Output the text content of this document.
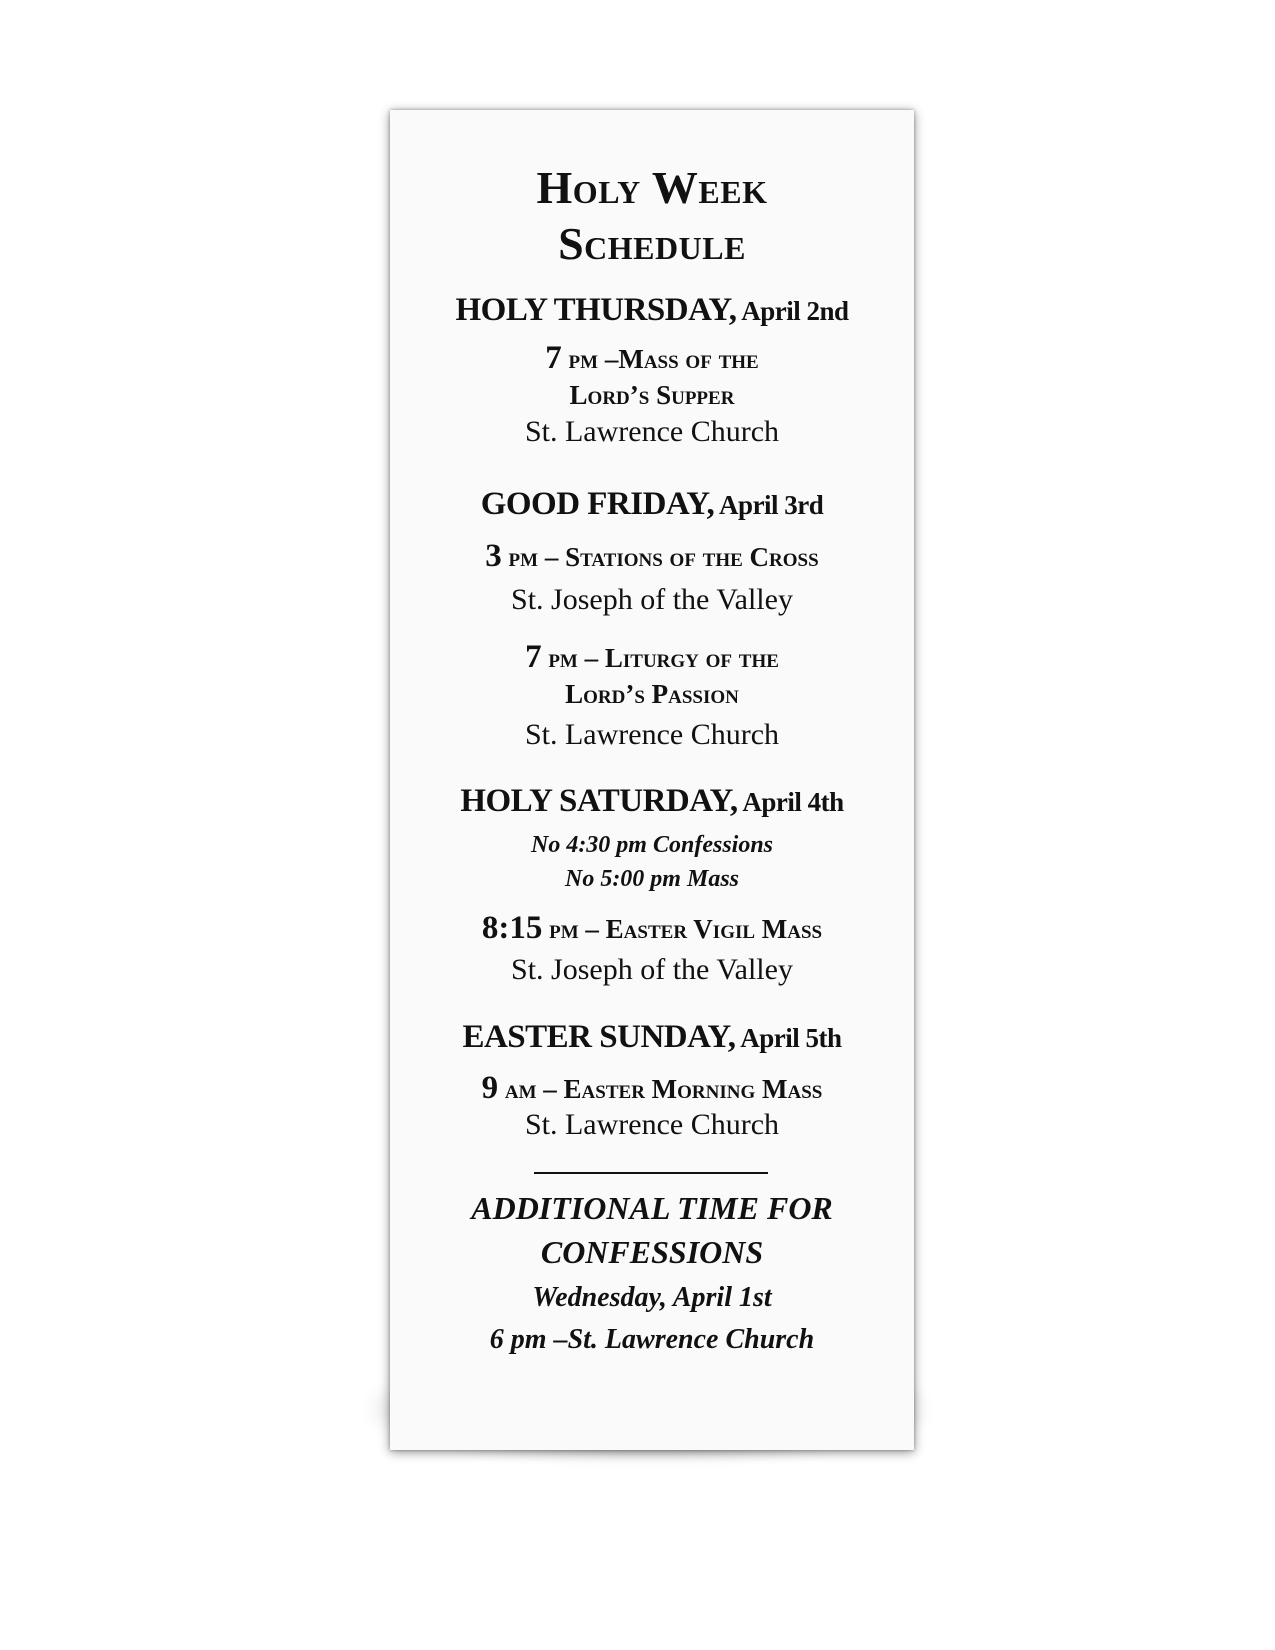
Holy Week
Schedule
HOLY THURSDAY, April 2nd
7 pm –Mass of the
Lord’s Supper
St. Lawrence Church
GOOD FRIDAY, April 3rd
3 pm – Stations of the Cross
St. Joseph of the Valley
7 pm – Liturgy of the
Lord’s Passion
St. Lawrence Church
HOLY SATURDAY, April 4th
No 4:30 pm Confessions
No 5:00 pm Mass
8:15 pm – Easter Vigil Mass
St. Joseph of the Valley
EASTER SUNDAY, April 5th
9 am – Easter Morning Mass
St. Lawrence Church
ADDITIONAL TIME FOR
CONFESSIONS
Wednesday, April 1st
6 pm –St. Lawrence Church
